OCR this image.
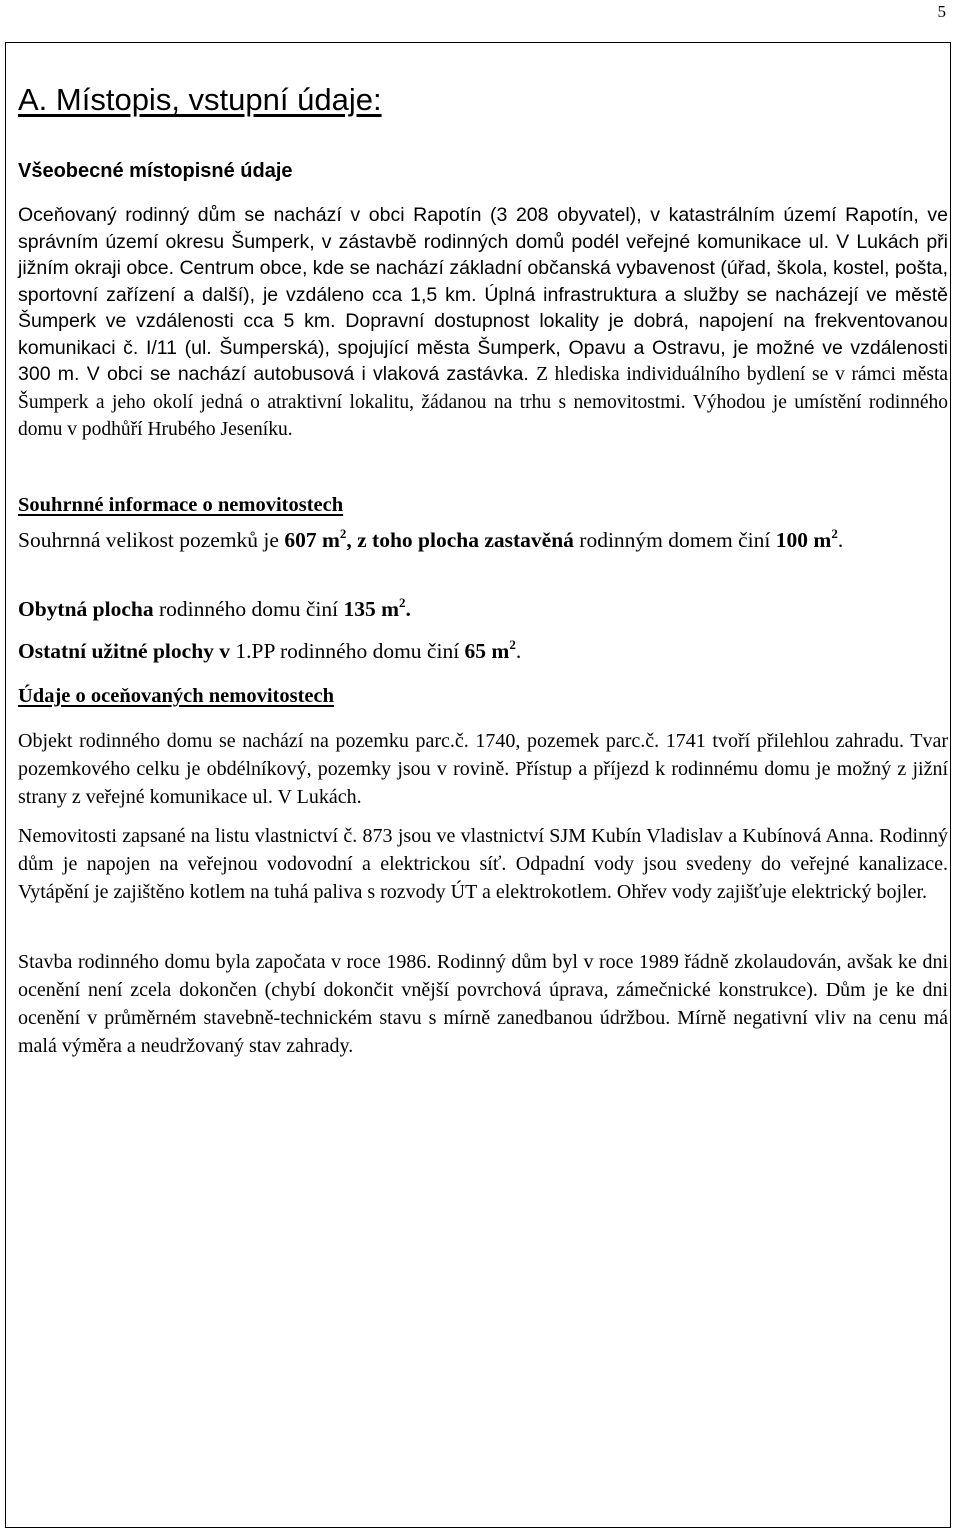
5
A. Místopis, vstupní údaje:
Všeobecné místopisné údaje

Oceňovaný rodinný dům se nachází v obci Rapotín (3 208 obyvatel), v katastrálním území Rapotín, ve správním území okresu Šumperk, v zástavbě rodinných domů podél veřejné komunikace ul. V Lukách při jižním okraji obce. Centrum obce, kde se nachází základní občanská vybavenost (úřad, škola, kostel, pošta, sportovní zařízení a další), je vzdáleno cca 1,5 km. Úplná infrastruktura a služby se nacházejí ve městě Šumperk ve vzdálenosti cca 5 km. Dopravní dostupnost lokality je dobrá, napojení na frekventovanou komunikaci č. I/11 (ul. Šumperská), spojující města Šumperk, Opavu a Ostravu, je možné ve vzdálenosti 300 m. V obci se nachází autobusová i vlaková zastávka. Z hlediska individuálního bydlení se v rámci města Šumperk a jeho okolí jedná o atraktivní lokalitu, žádanou na trhu s nemovitostmi. Výhodou je umístění rodinného domu v podhůří Hrubého Jeseníku.

Souhrnné informace o nemovitostech

Souhrnná velikost pozemků je 607 $m^2$, z toho plocha zastavěná rodinným domem činí 100 $m^2$.

Obytná plocha rodinného domu činí 135 $m^2$.

Ostatní užitné plochy v 1.PP rodinného domu činí 65 $m^2$.

Údaje o oceňovaných nemovitostech

Objekt rodinného domu se nachází na pozemku parc.č. 1740, pozemek parc.č. 1741 tvoří přilehlou zahradu. Tvar pozemkového celku je obdélníkový, pozemky jsou v rovině. Přístup a příjezd k rodinnému domu je možný z jižní strany z veřejné komunikace ul. V Lukách.

Nemovitosti zapsané na listu vlastnictví č. 873 jsou ve vlastnictví SJM Kubín Vladislav a Kubínová Anna. Rodinný dům je napojen na veřejnou vodovodní a elektrickou síť. Odpadní vody jsou svedeny do veřejné kanalizace. Vytápění je zajištěno kotlem na tuhá paliva s rozvody ÚT a elektrokotlem. Ohřev vody zajišťuje elektrický bojler.

Stavba rodinného domu byla započata v roce 1986. Rodinný dům byl v roce 1989 řádně zkolaudován, avšak ke dni ocenění není zcela dokončen (chybí dokončit vnější povrchová úprava, zámečnické konstrukce). Dům je ke dni ocenění v průměrném stavebně-technickém stavu s mírně zanedbanou údržbou. Mírně negativní vliv na cenu má malá výměra a neudržovaný stav zahrady.
